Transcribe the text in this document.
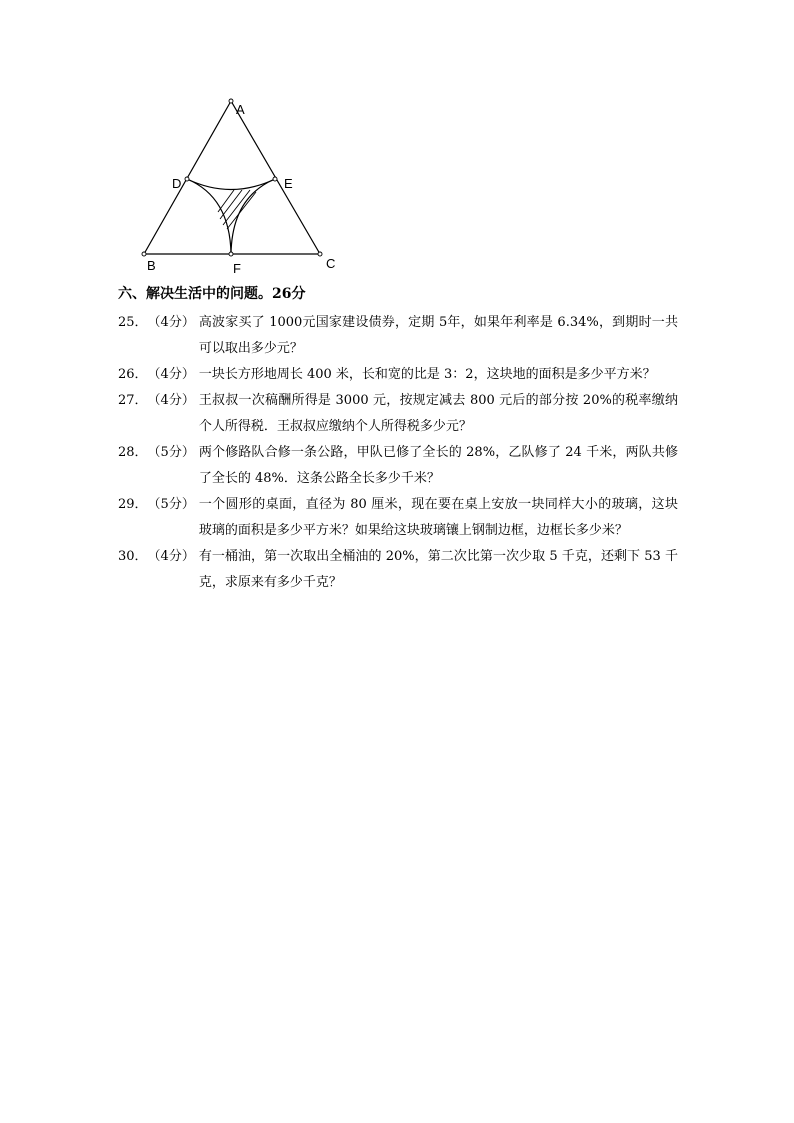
A
D	E
B	F	C
六、解决生活中的问题。26分
25． （4分） 高波家买了 1000元国家建设债券，定期 5年，如果年利率是 6.34%，到期时一共可以取出多少元？
26． （4分） 一块长方形地周长 400 米，长和宽的比是 3：2，这块地的面积是多少平方米？
27． （4分） 王叔叔一次稿酬所得是 3000 元，按规定减去 800 元后的部分按 20%的税率缴纳个人所得税．王叔叔应缴纳个人所得税多少元？
28． （5分） 两个修路队合修一条公路，甲队已修了全长的 28%，乙队修了 24 千米，两队共修了全长的 48%．这条公路全长多少千米？
29． （5分） 一个圆形的桌面，直径为 80 厘米，现在要在桌上安放一块同样大小的玻璃，这块玻璃的面积是多少平方米？如果给这块玻璃镶上钢制边框，边框长多少米？
30． （4分） 有一桶油，第一次取出全桶油的 20%，第二次比第一次少取 5 千克，还剩下 53 千克，求原来有多少千克？
